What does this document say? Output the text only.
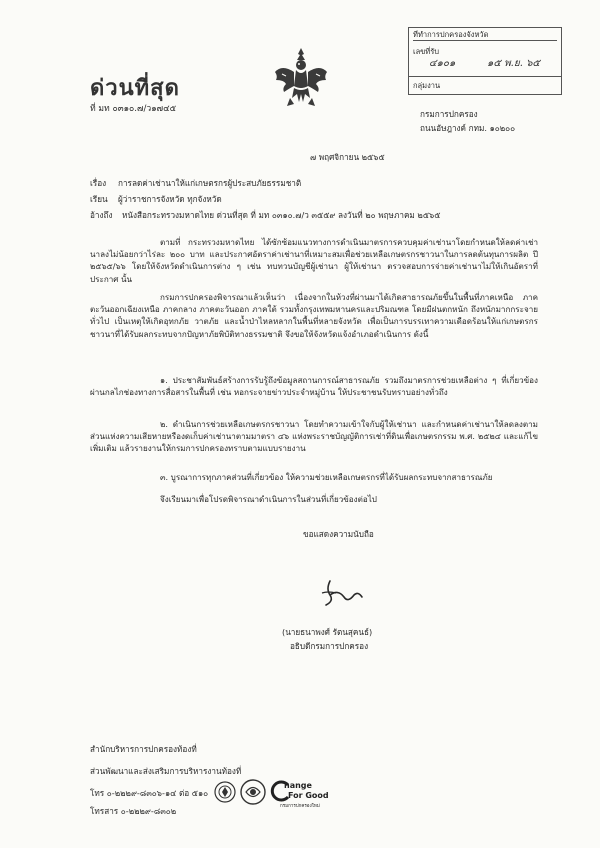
ด่วนที่สุด
ที่ มท ๐๓๑๐.๗/ว๑๗๔๕
ที่ทำการปกครองจังหวัด
เลขที่รับ
๔๑๐๑	๑๕ พ.ย. ๖๕
กลุ่มงาน
กรมการปกครอง
ถนนอัษฎางค์ กทม. ๑๐๒๐๐
๗ พฤศจิกายน ๒๕๖๕
เรื่อง การลดค่าเช่านาให้แก่เกษตรกรผู้ประสบภัยธรรมชาติ
เรียน ผู้ว่าราชการจังหวัด ทุกจังหวัด
อ้างถึง หนังสือกระทรวงมหาดไทย ด่วนที่สุด ที่ มท ๐๓๑๐.๗/ว ๓๕๕๙ ลงวันที่ ๒๐ พฤษภาคม ๒๕๖๕
ตามที่ กระทรวงมหาดไทย ได้ซักซ้อมแนวทางการดำเนินมาตรการควบคุมค่าเช่านาโดยกำหนดให้ลดค่าเช่านาลงไม่น้อยกว่าไร่ละ ๒๐๐ บาท และประกาศอัตราค่าเช่านาที่เหมาะสมเพื่อช่วยเหลือเกษตรกรชาวนาในการลดต้นทุนการผลิต ปี ๒๕๖๕/๖๖ โดยให้จังหวัดดำเนินการต่าง ๆ เช่น ทบทวนบัญชีผู้เช่านา ผู้ให้เช่านา ตรวจสอบการจ่ายค่าเช่านาไม่ให้เกินอัตราที่ประกาศ นั้น
กรมการปกครองพิจารณาแล้วเห็นว่า เนื่องจากในห้วงที่ผ่านมาได้เกิดสาธารณภัยขึ้นในพื้นที่ภาคเหนือ ภาคตะวันออกเฉียงเหนือ ภาคกลาง ภาคตะวันออก ภาคใต้ รวมทั้งกรุงเทพมหานครและปริมณฑล โดยมีฝนตกหนัก ถึงหนักมากกระจายทั่วไป เป็นเหตุให้เกิดอุทกภัย วาตภัย และน้ำป่าไหลหลากในพื้นที่หลายจังหวัด เพื่อเป็นการบรรเทาความเดือดร้อนให้แก่เกษตรกรชาวนาที่ได้รับผลกระทบจากปัญหาภัยพิบัติทางธรรมชาติ จึงขอให้จังหวัดแจ้งอำเภอดำเนินการ ดังนี้
๑. ประชาสัมพันธ์สร้างการรับรู้ถึงข้อมูลสถานการณ์สาธารณภัย รวมถึงมาตรการช่วยเหลือต่าง ๆ ที่เกี่ยวข้อง ผ่านกลไกช่องทางการสื่อสารในพื้นที่ เช่น หอกระจายข่าวประจำหมู่บ้าน ให้ประชาชนรับทราบอย่างทั่วถึง
๒. ดำเนินการช่วยเหลือเกษตรกรชาวนา โดยทำความเข้าใจกับผู้ให้เช่านา และกำหนดค่าเช่านาให้ลดลงตามส่วนแห่งความเสียหายหรืองดเก็บค่าเช่านาตามมาตรา ๔๖ แห่งพระราชบัญญัติการเช่าที่ดินเพื่อเกษตรกรรม พ.ศ. ๒๕๒๔ และแก้ไขเพิ่มเติม แล้วรายงานให้กรมการปกครองทราบตามแบบรายงาน
๓. บูรณาการทุกภาคส่วนที่เกี่ยวข้อง ให้ความช่วยเหลือเกษตรกรที่ได้รับผลกระทบจากสาธารณภัย
จึงเรียนมาเพื่อโปรดพิจารณาดำเนินการในส่วนที่เกี่ยวข้องต่อไป
ขอแสดงความนับถือ
(นายธนาพงศ์ รัตนสุคนธ์)
อธิบดีกรมการปกครอง
สำนักบริหารการปกครองท้องที่
ส่วนพัฒนาและส่งเสริมการบริหารงานท้องที่
โทร ๐-๒๒๒๙-๘๓๐๖-๑๔ ต่อ ๕๑๐
โทรสาร ๐-๒๒๒๙-๘๓๐๒
hange
For Good
กรมการปกครองใหม่
